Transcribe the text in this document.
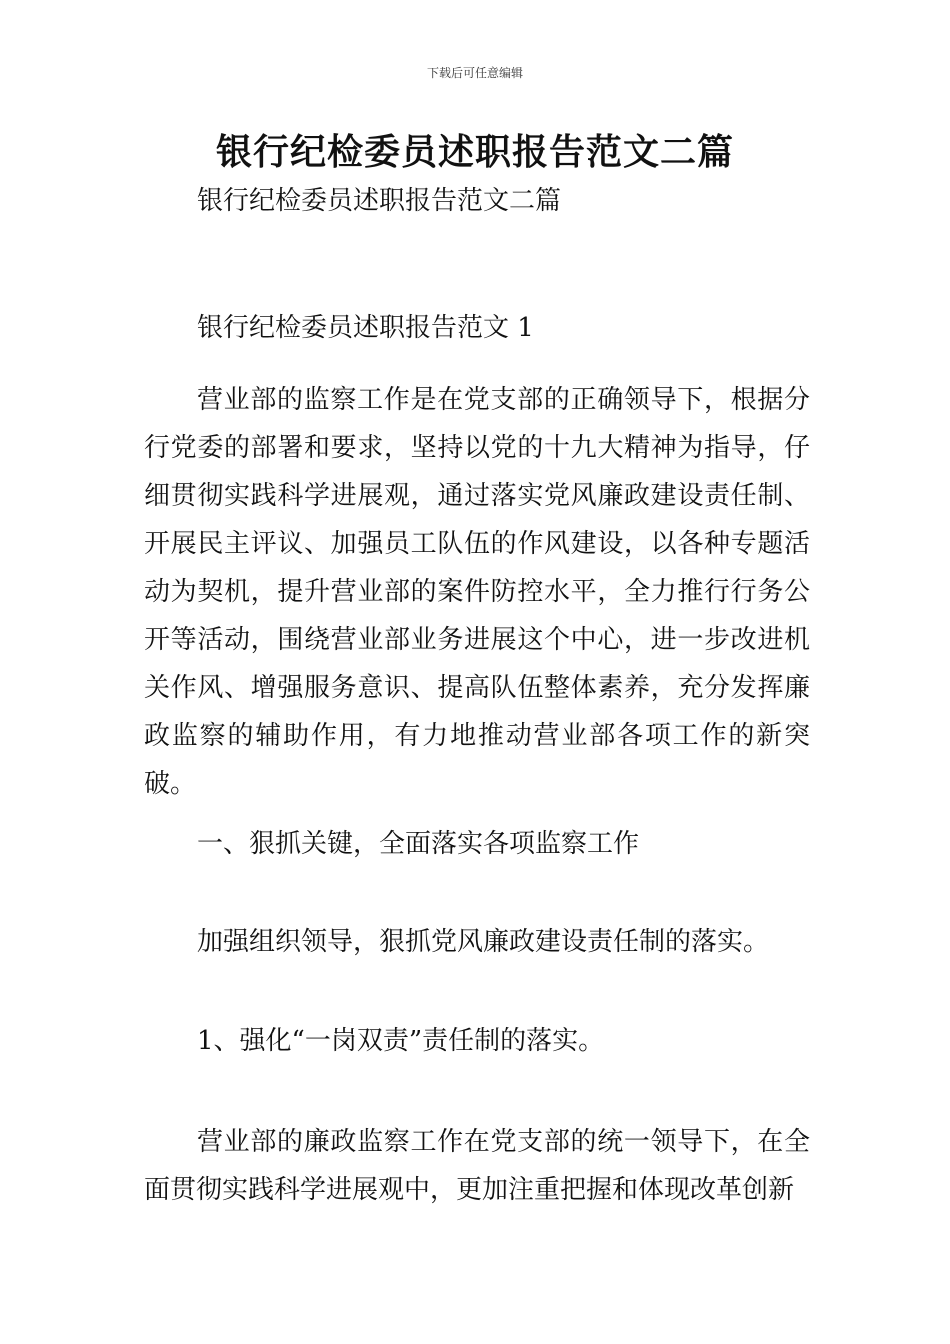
下载后可任意编辑
银行纪检委员述职报告范文二篇

银行纪检委员述职报告范文二篇

银行纪检委员述职报告范文 1

营业部的监察工作是在党支部的正确领导下，根据分行党委的部署和要求，坚持以党的十九大精神为指导，仔细贯彻实践科学进展观，通过落实党风廉政建设责任制、开展民主评议、加强员工队伍的作风建设，以各种专题活动为契机，提升营业部的案件防控水平，全力推行行务公开等活动，围绕营业部业务进展这个中心，进一步改进机关作风、增强服务意识、提高队伍整体素养，充分发挥廉政监察的辅助作用，有力地推动营业部各项工作的新突破。

一、狠抓关键，全面落实各项监察工作

加强组织领导，狠抓党风廉政建设责任制的落实。

1、强化“一岗双责”责任制的落实。

营业部的廉政监察工作在党支部的统一领导下，在全面贯彻实践科学进展观中，更加注重把握和体现改革创新
